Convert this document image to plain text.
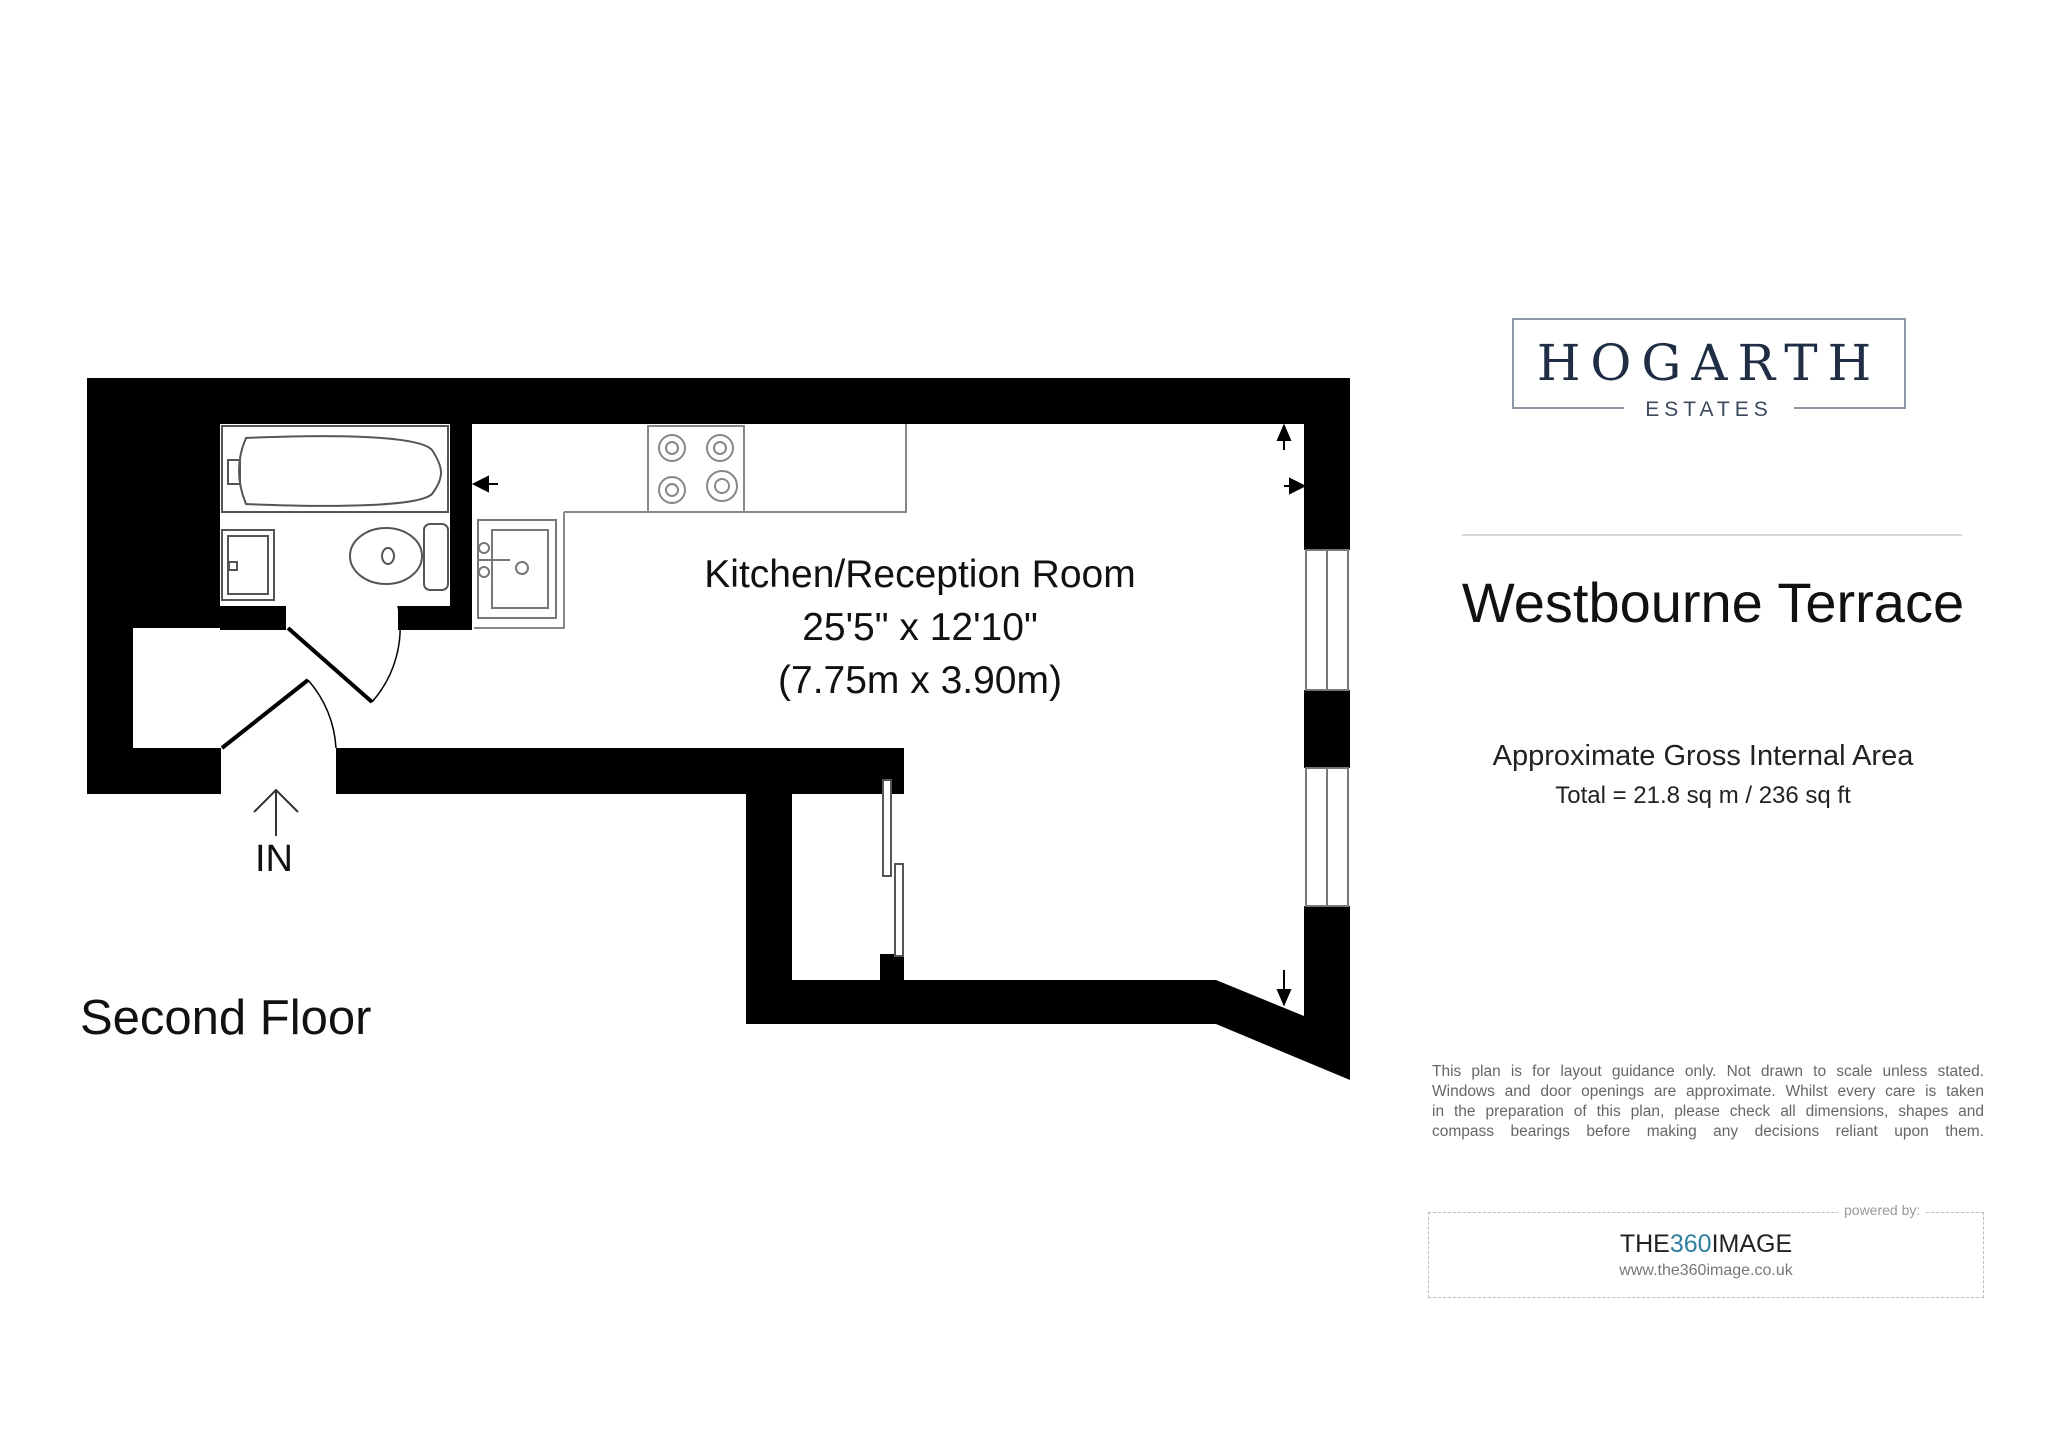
Kitchen/Reception Room
25'5" x 12'10"
(7.75m x 3.90m)
IN
Second Floor
HOGARTH
ESTATES
Westbourne Terrace
Approximate Gross Internal Area
Total = 21.8 sq m / 236 sq ft
This plan is for layout guidance only. Not drawn to scale unless stated.
Windows and door openings are approximate. Whilst every care is taken
in the preparation of this plan, please check all dimensions, shapes and
compass bearings before making any decisions reliant upon them.
powered by:
THE360IMAGE
www.the360image.co.uk
